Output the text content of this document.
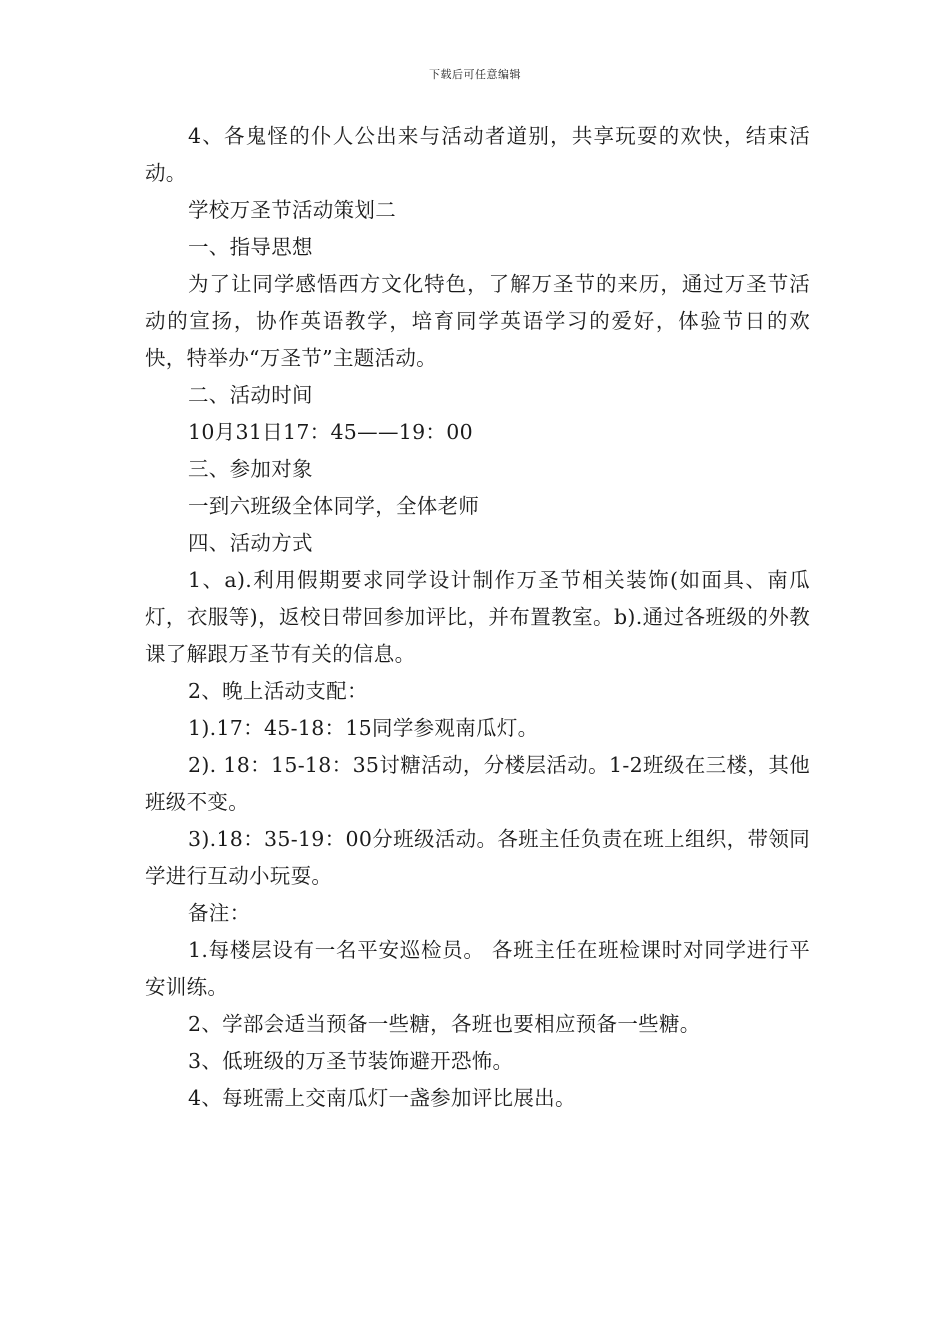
下载后可任意编辑

4、各鬼怪的仆人公出来与活动者道别，共享玩耍的欢快，结束活动。

学校万圣节活动策划二

一、指导思想

为了让同学感悟西方文化特色，了解万圣节的来历，通过万圣节活动的宣扬，协作英语教学，培育同学英语学习的爱好，体验节日的欢快，特举办“万圣节”主题活动。

二、活动时间

10月31日17：45——19：00

三、参加对象

一到六班级全体同学，全体老师

四、活动方式

1、a).利用假期要求同学设计制作万圣节相关装饰(如面具、南瓜灯，衣服等)，返校日带回参加评比，并布置教室。b).通过各班级的外教课了解跟万圣节有关的信息。

2、晚上活动支配：

1).17：45-18：15同学参观南瓜灯。

2). 18：15-18：35讨糖活动，分楼层活动。1-2班级在三楼，其他班级不变。

3).18：35-19：00分班级活动。各班主任负责在班上组织，带领同学进行互动小玩耍。

备注：

1.每楼层设有一名平安巡检员。 各班主任在班检课时对同学进行平安训练。

2、学部会适当预备一些糖，各班也要相应预备一些糖。

3、低班级的万圣节装饰避开恐怖。

4、每班需上交南瓜灯一盏参加评比展出。
